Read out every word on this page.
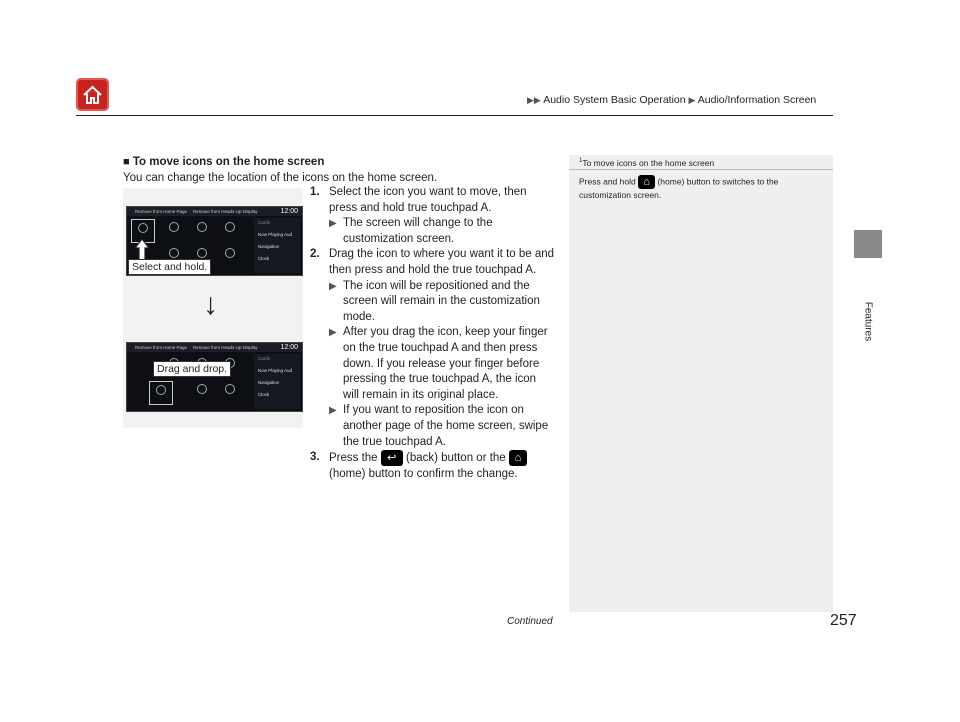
▶▶ Audio System Basic Operation ▶ Audio/Information Screen
Features
■ To move icons on the home screen
You can change the location of the icons on the home screen.
Remove from Home Page Remove from Heads-Up Display	12:00
Cards
Now Playing Aud
Navigation
Clock
Select and hold.
↓
Remove from Home Page Remove from Heads-Up Display	12:00
Cards
Now Playing Aud
Navigation
Clock
Drag and drop.
1. Select the icon you want to move, then press and hold true touchpad A.
▶ The screen will change to the customization screen.
2. Drag the icon to where you want it to be and then press and hold the true touchpad A.
▶ The icon will be repositioned and the screen will remain in the customization mode.
▶ After you drag the icon, keep your finger on the true touchpad A and then press down. If you release your finger before pressing the true touchpad A, the icon will remain in its original place.
▶ If you want to reposition the icon on another page of the home screen, swipe the true touchpad A.
3. Press the ↩ (back) button or the ⌂ (home) button to confirm the change.
$^1$To move icons on the home screen
Press and hold ⌂ (home) button to switches to the customization screen.
Continued	257
